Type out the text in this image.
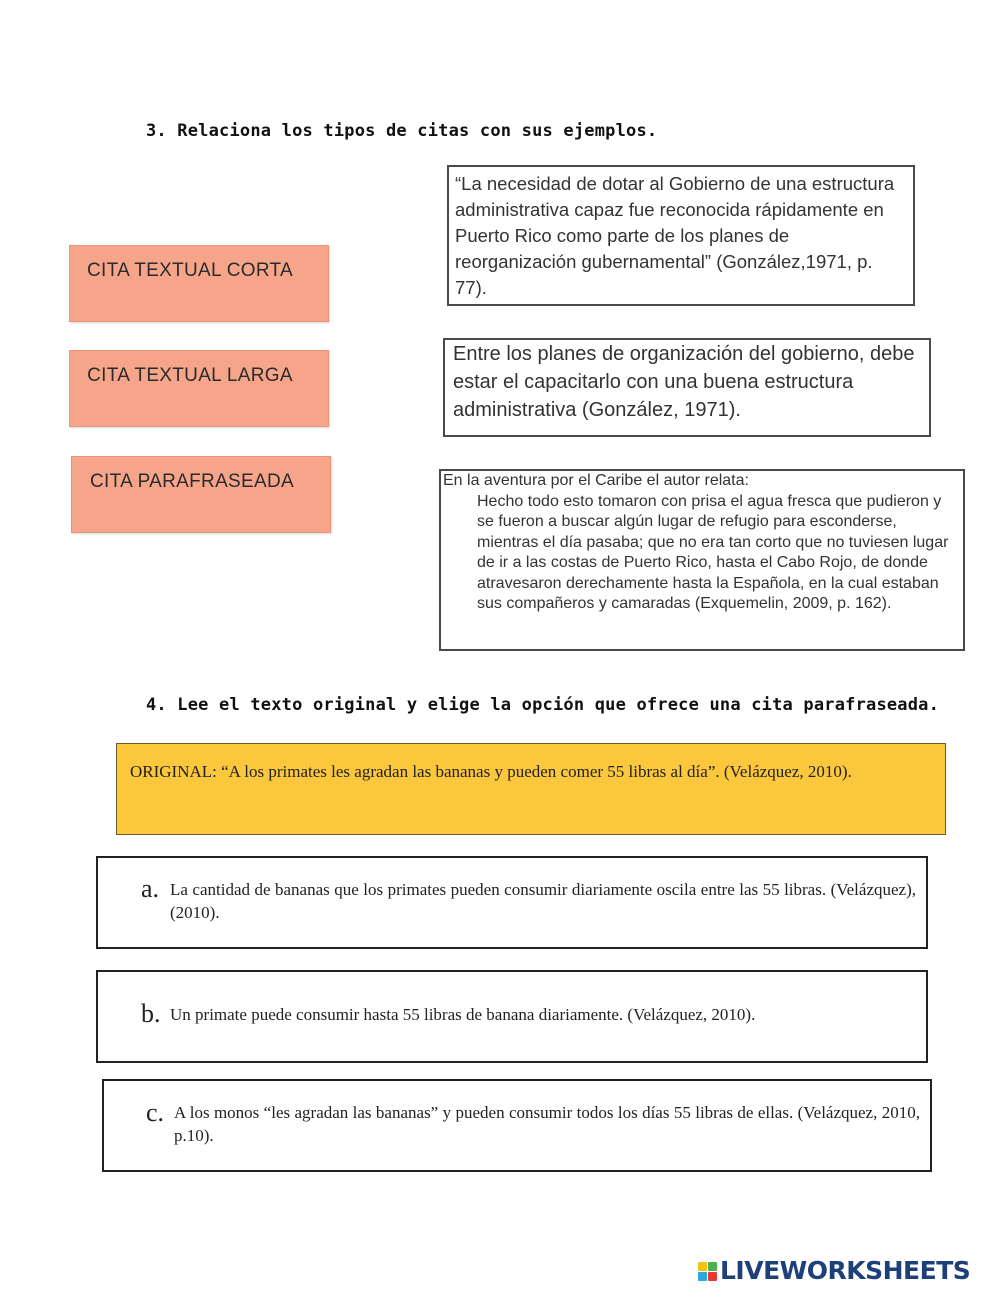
3. Relaciona los tipos de citas con sus ejemplos.
CITA TEXTUAL CORTA
CITA TEXTUAL LARGA
CITA PARAFRASEADA
“La necesidad de dotar al Gobierno de una estructura administrativa capaz fue reconocida rápidamente en Puerto Rico como parte de los planes de reorganización gubernamental” (González,1971, p. 77).
Entre los planes de organización del gobierno, debe estar el capacitarlo con una buena estructura administrativa (González, 1971).
En la aventura por el Caribe el autor relata:
Hecho todo esto tomaron con prisa el agua fresca que pudieron y se fueron a buscar algún lugar de refugio para esconderse, mientras el día pasaba; que no era tan corto que no tuviesen lugar de ir a las costas de Puerto Rico, hasta el Cabo Rojo, de donde atravesaron derechamente hasta la Española, en la cual estaban sus compañeros y camaradas (Exquemelin, 2009, p. 162).
4. Lee el texto original y elige la opción que ofrece una cita parafraseada.
ORIGINAL: “A los primates les agradan las bananas y pueden comer 55 libras al día”. (Velázquez, 2010).
a. La cantidad de bananas que los primates pueden consumir diariamente oscila entre las 55 libras. (Velázquez), (2010).
b. Un primate puede consumir hasta 55 libras de banana diariamente. (Velázquez, 2010).
c. A los monos “les agradan las bananas” y pueden consumir todos los días 55 libras de ellas. (Velázquez, 2010, p.10).
LIVEWORKSHEETS
